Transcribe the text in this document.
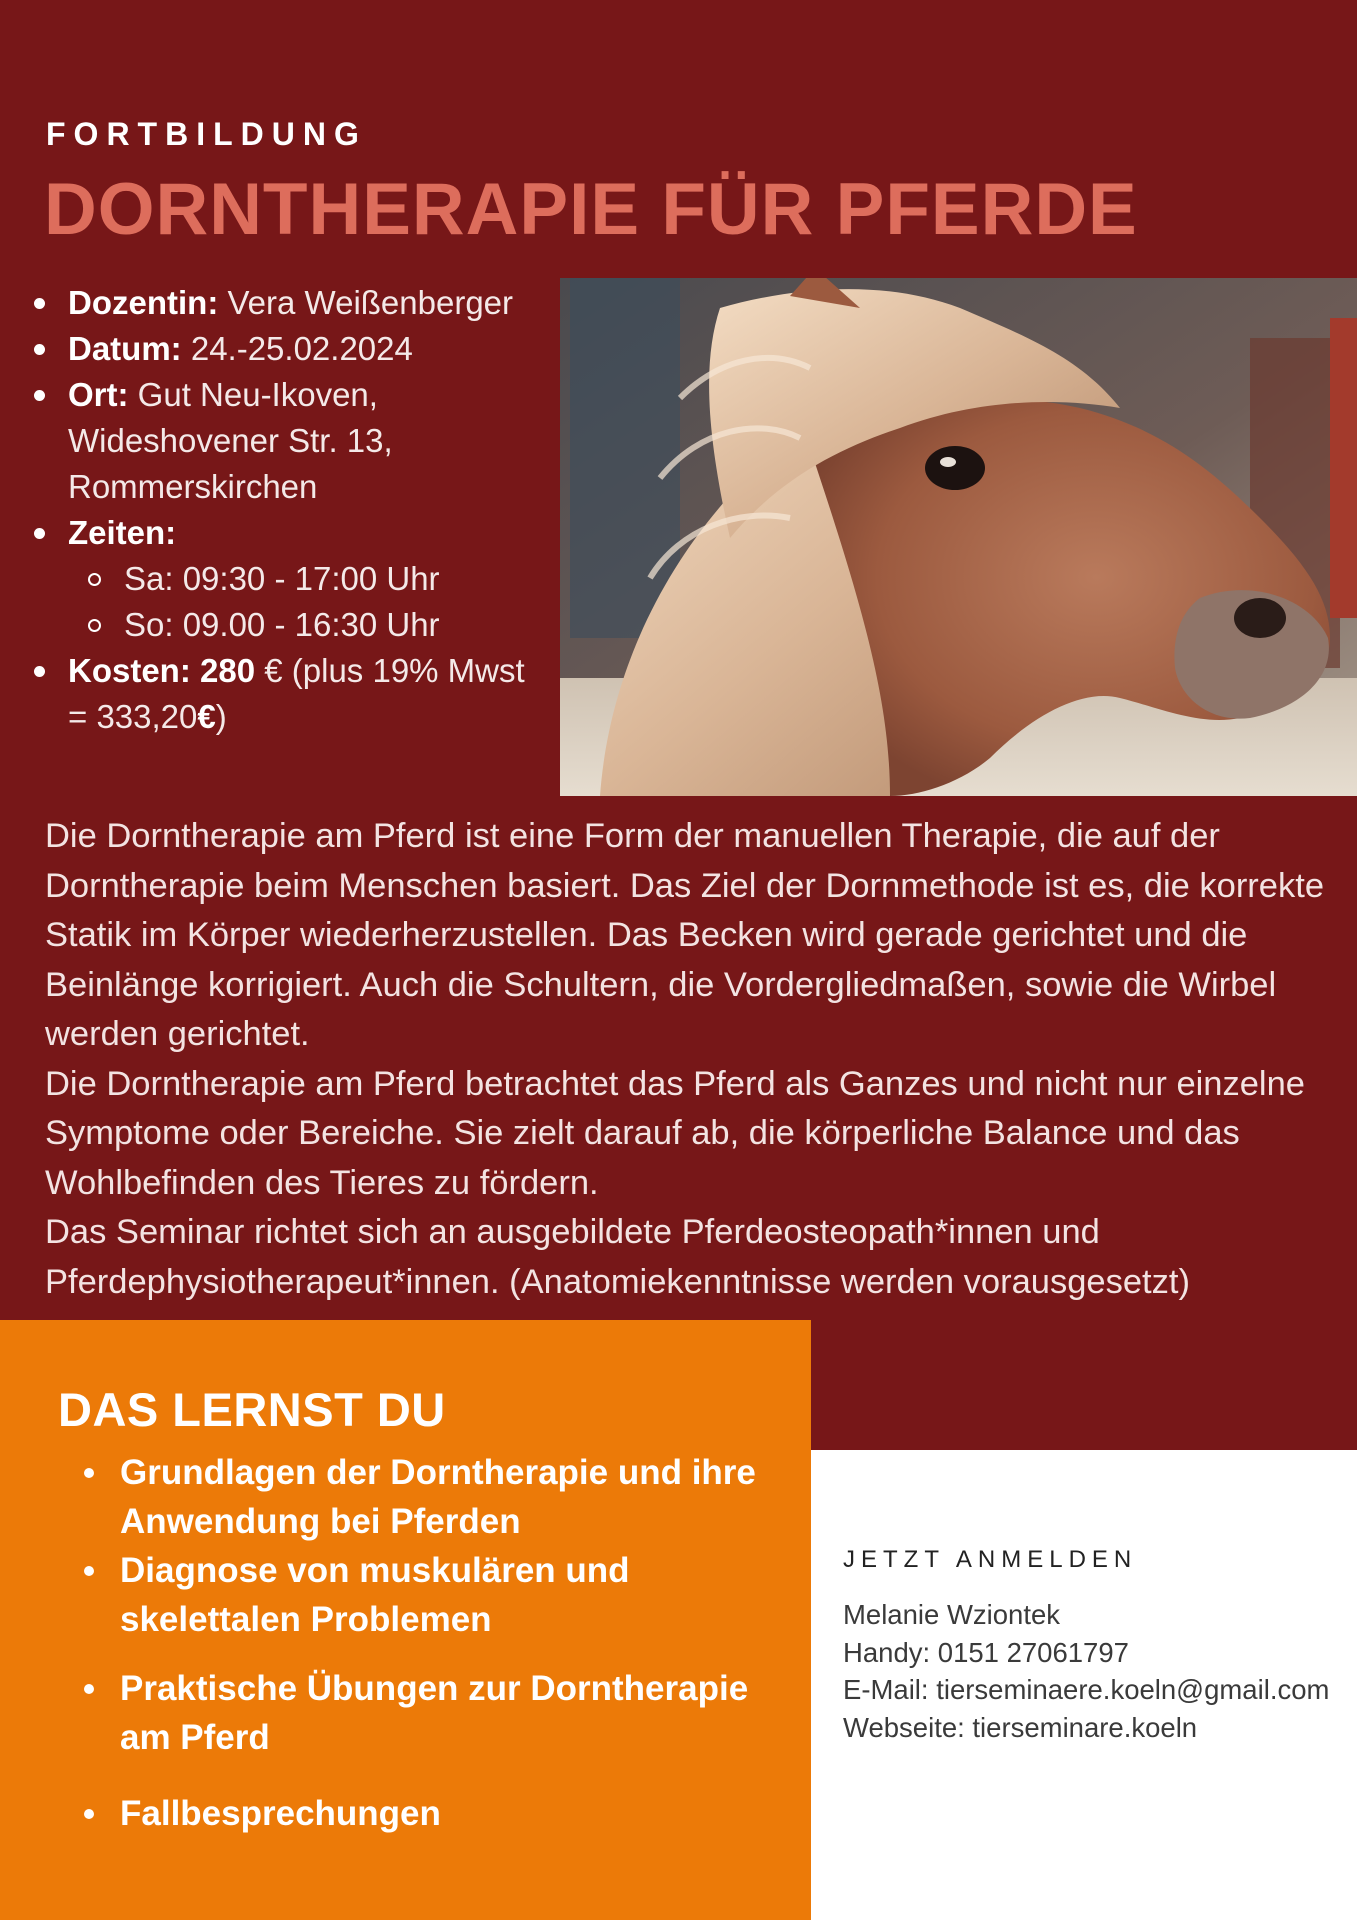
FORTBILDUNG
DORNTHERAPIE FÜR PFERDE
Dozentin: Vera Weißenberger
Datum: 24.-25.02.2024
Ort: Gut Neu-Ikoven,
Wideshovener Str. 13,
Rommerskirchen
Zeiten:
Sa: 09:30 - 17:00 Uhr
So: 09.00 - 16:30 Uhr
Kosten: 280 € (plus 19% Mwst
= 333,20€)

Die Dorntherapie am Pferd ist eine Form der manuellen Therapie, die auf der Dorntherapie beim Menschen basiert. Das Ziel der Dornmethode ist es, die korrekte Statik im Körper wiederherzustellen. Das Becken wird gerade gerichtet und die Beinlänge korrigiert. Auch die Schultern, die Vordergliedmaßen, sowie die Wirbel werden gerichtet.

Die Dorntherapie am Pferd betrachtet das Pferd als Ganzes und nicht nur einzelne Symptome oder Bereiche. Sie zielt darauf ab, die körperliche Balance und das Wohlbefinden des Tieres zu fördern.

Das Seminar richtet sich an ausgebildete Pferdeosteopath*innen und Pferdephysiotherapeut*innen. (Anatomiekenntnisse werden vorausgesetzt)

DAS LERNST DU
Grundlagen der Dorntherapie und ihre Anwendung bei Pferden
Diagnose von muskulären und skelettalen Problemen
Praktische Übungen zur Dorntherapie am Pferd
Fallbesprechungen
JETZT ANMELDEN
Melanie Wziontek
Handy: 0151 27061797
E-Mail: tierseminaere.koeln@gmail.com
Webseite: tierseminare.koeln
